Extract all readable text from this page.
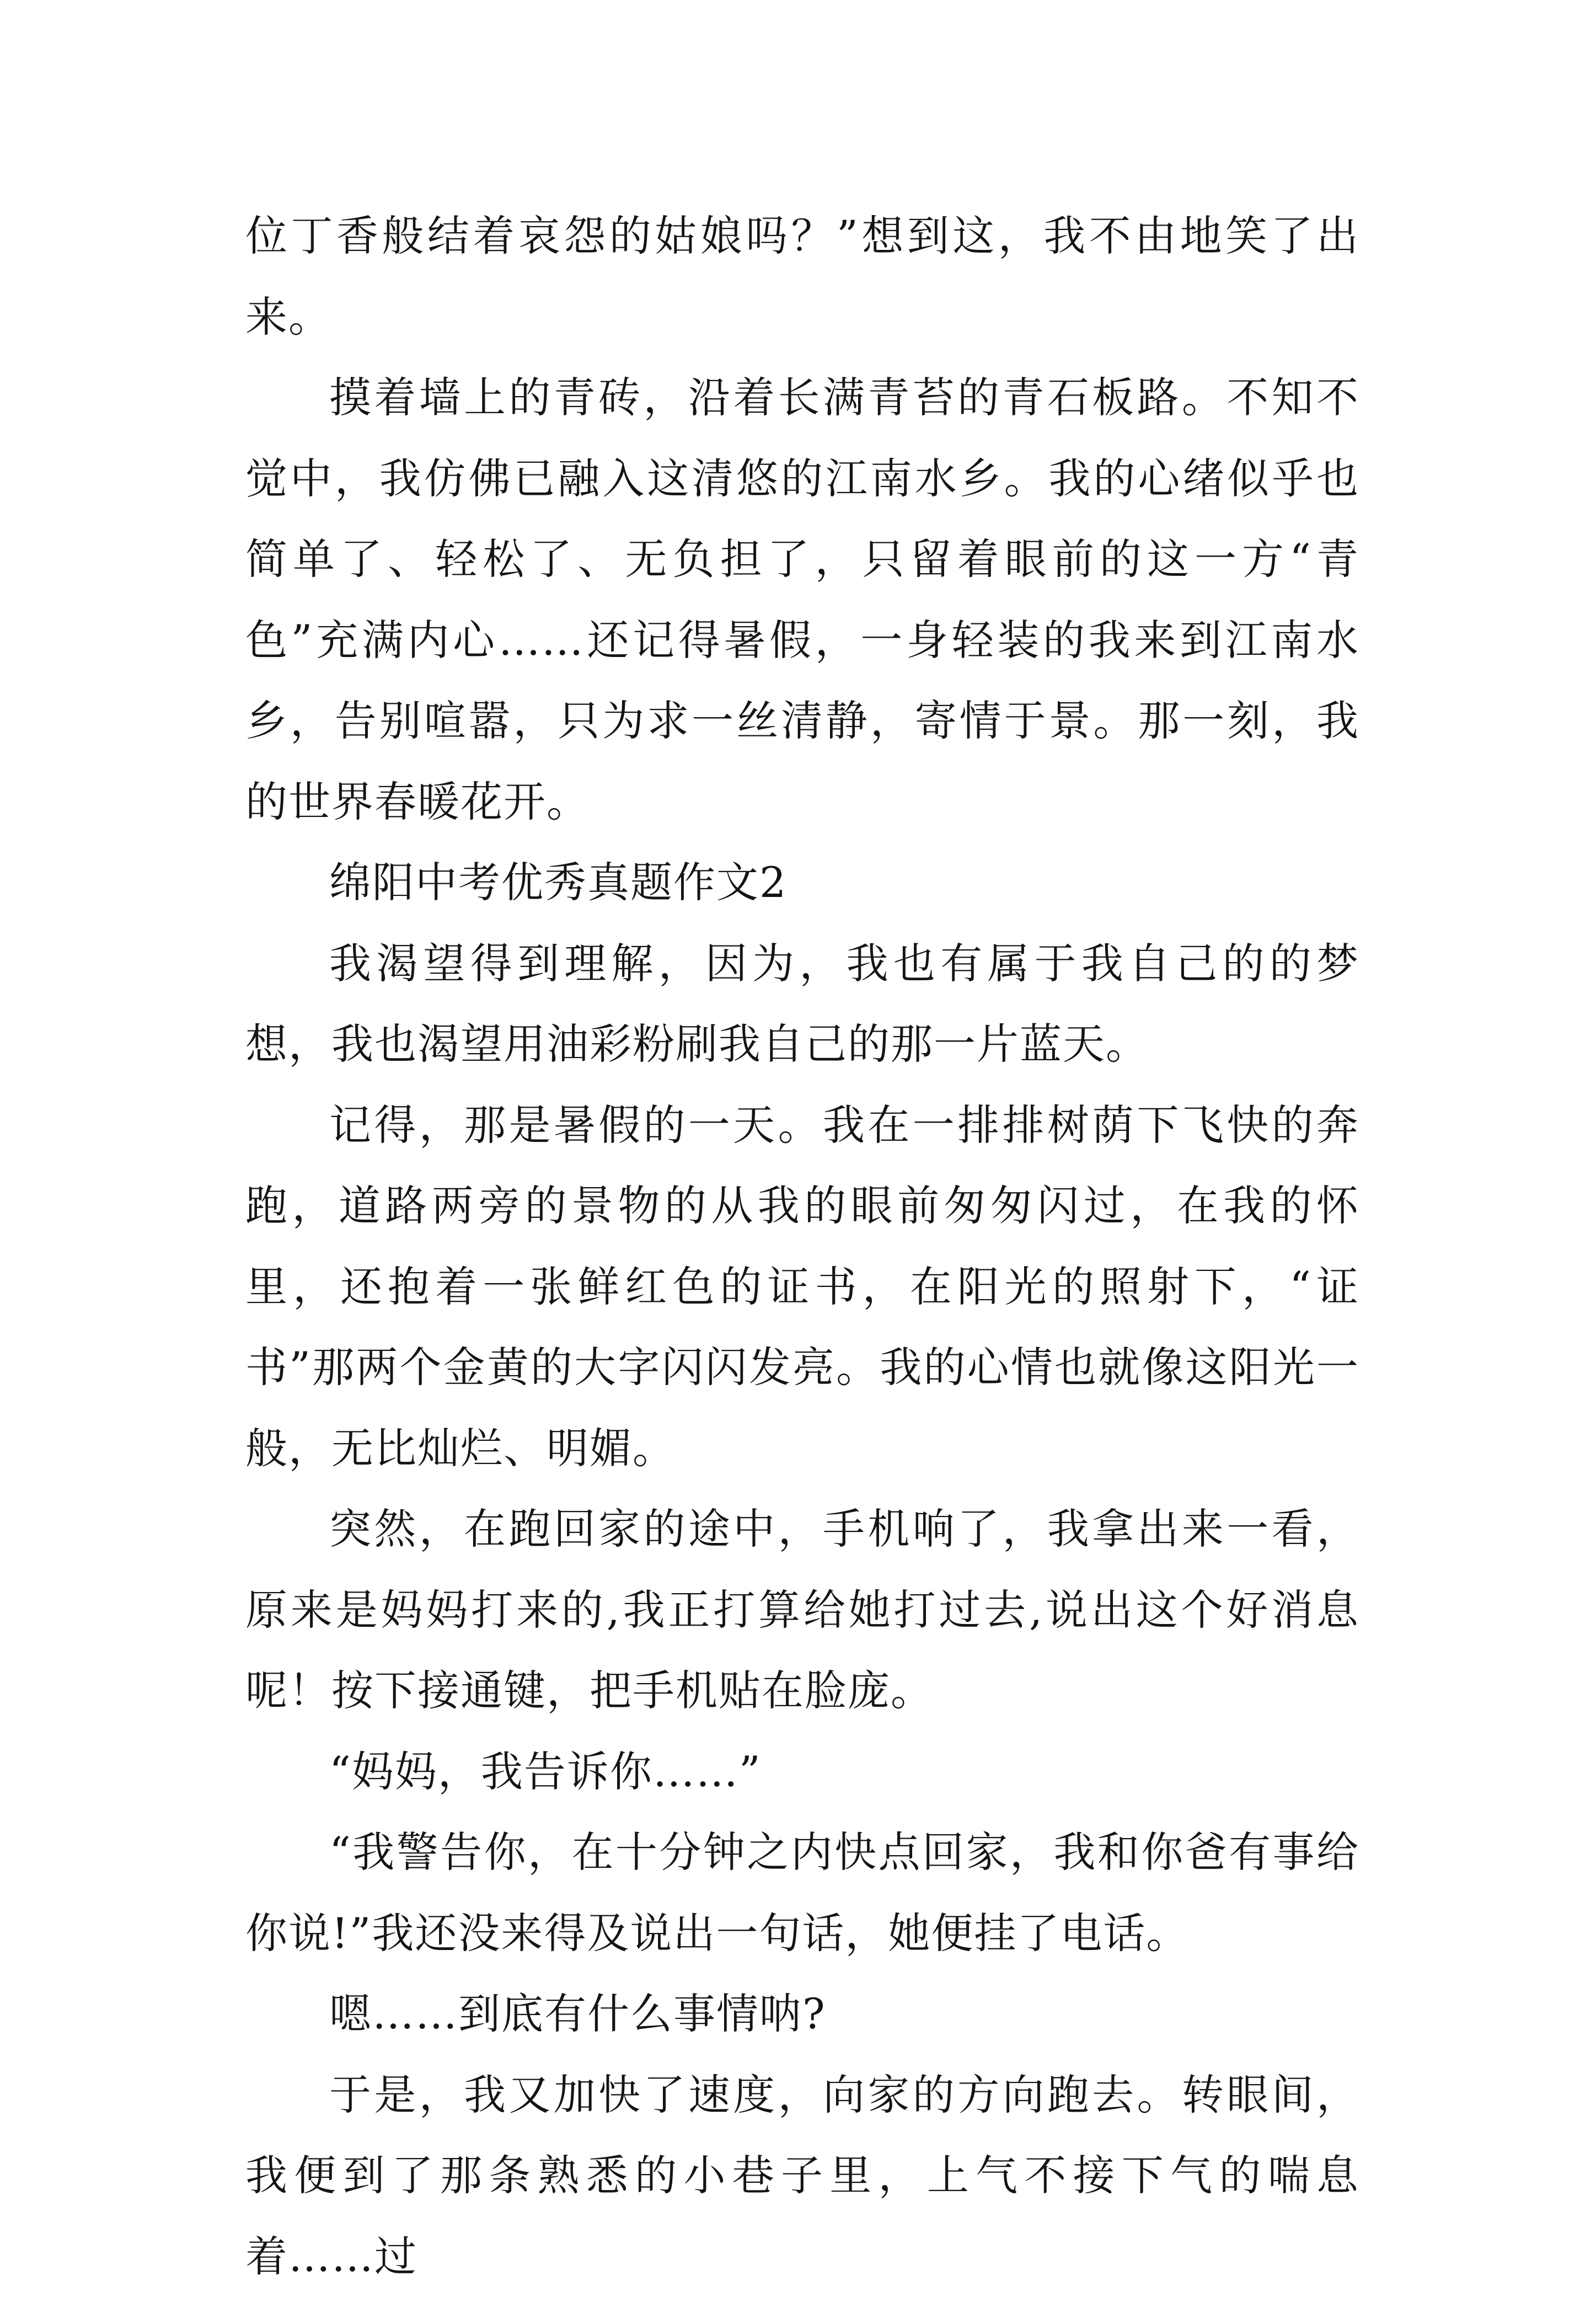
位丁香般结着哀怨的姑娘吗？”想到这，我不由地笑了出来。

摸着墙上的青砖，沿着长满青苔的青石板路。不知不觉中，我仿佛已融入这清悠的江南水乡。我的心绪似乎也简单了、轻松了、无负担了，只留着眼前的这一方“青色”充满内心……还记得暑假，一身轻装的我来到江南水乡，告别喧嚣，只为求一丝清静，寄情于景。那一刻，我的世界春暖花开。

绵阳中考优秀真题作文2

我渴望得到理解，因为，我也有属于我自己的的梦想，我也渴望用油彩粉刷我自己的那一片蓝天。

记得，那是暑假的一天。我在一排排树荫下飞快的奔跑，道路两旁的景物的从我的眼前匆匆闪过，在我的怀里，还抱着一张鲜红色的证书，在阳光的照射下，“证书”那两个金黄的大字闪闪发亮。我的心情也就像这阳光一般，无比灿烂、明媚。

突然，在跑回家的途中，手机响了，我拿出来一看，原来是妈妈打来的,我正打算给她打过去,说出这个好消息呢！按下接通键，把手机贴在脸庞。

“妈妈，我告诉你……”

“我警告你，在十分钟之内快点回家，我和你爸有事给你说!”我还没来得及说出一句话，她便挂了电话。

嗯……到底有什么事情呐?

于是，我又加快了速度，向家的方向跑去。转眼间，我便到了那条熟悉的小巷子里，上气不接下气的喘息着……过
